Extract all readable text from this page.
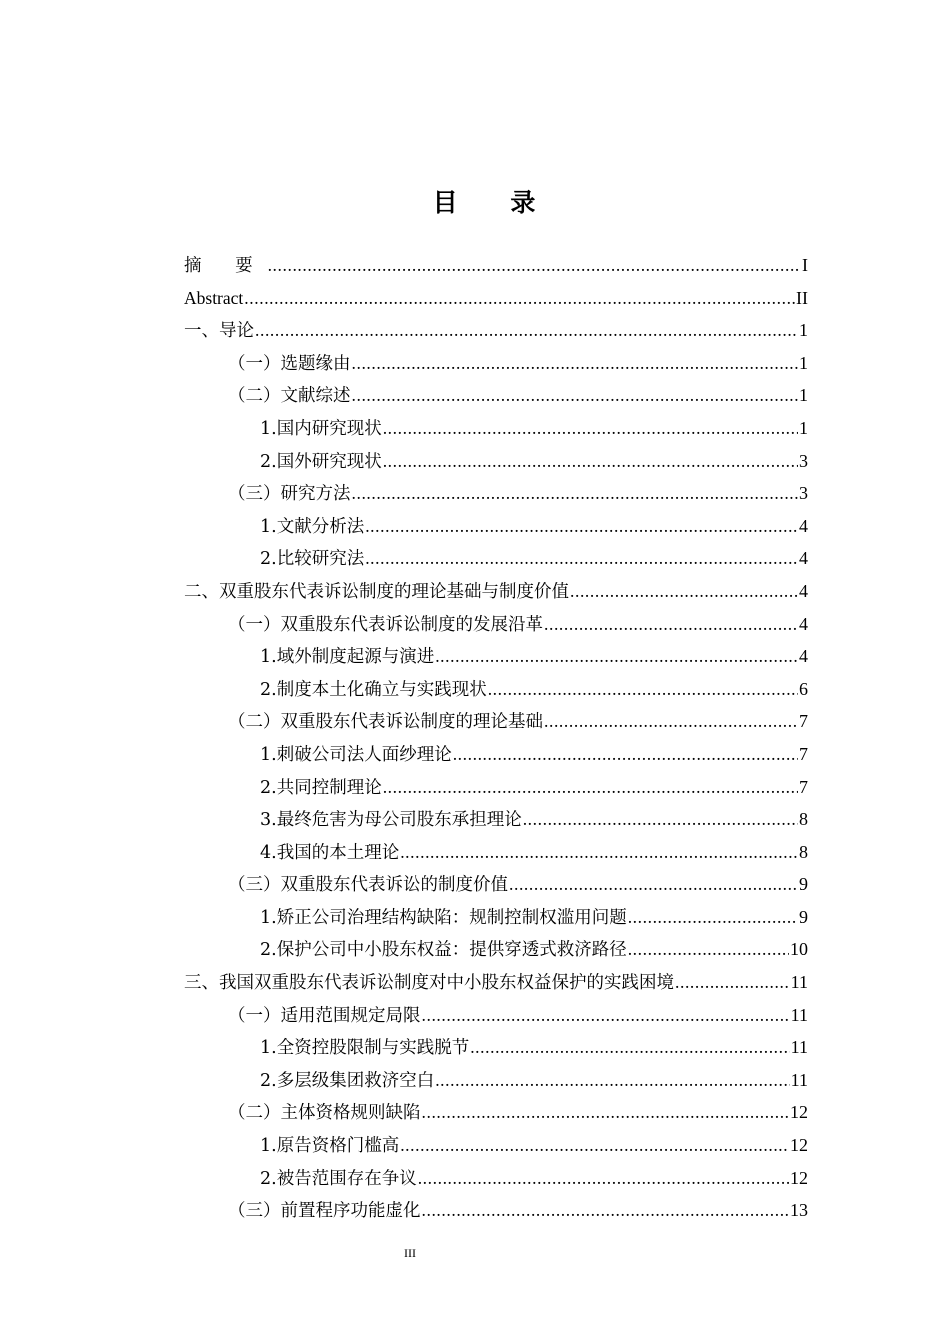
目 录
摘 要 .....	I
Abstract .....	II
一、导论 .....	1
（一）选题缘由 .....	1
（二）文献综述 .....	1
1.国内研究现状 .....	1
2.国外研究现状 .....	3
（三）研究方法 .....	3
1.文献分析法 .....	4
2.比较研究法 .....	4
二、双重股东代表诉讼制度的理论基础与制度价值 .....	4
（一）双重股东代表诉讼制度的发展沿革 .....	4
1.域外制度起源与演进 .....	4
2.制度本土化确立与实践现状 .....	6
（二）双重股东代表诉讼制度的理论基础 .....	7
1.刺破公司法人面纱理论 .....	7
2.共同控制理论 .....	7
3.最终危害为母公司股东承担理论 .....	8
4.我国的本土理论 .....	8
（三）双重股东代表诉讼的制度价值 .....	9
1.矫正公司治理结构缺陷：规制控制权滥用问题 .....	9
2.保护公司中小股东权益：提供穿透式救济路径 .....	10
三、我国双重股东代表诉讼制度对中小股东权益保护的实践困境 .....	11
（一）适用范围规定局限 .....	11
1.全资控股限制与实践脱节 .....	11
2.多层级集团救济空白 .....	11
（二）主体资格规则缺陷 .....	12
1.原告资格门槛高 .....	12
2.被告范围存在争议 .....	12
（三）前置程序功能虚化 .....	13
III
